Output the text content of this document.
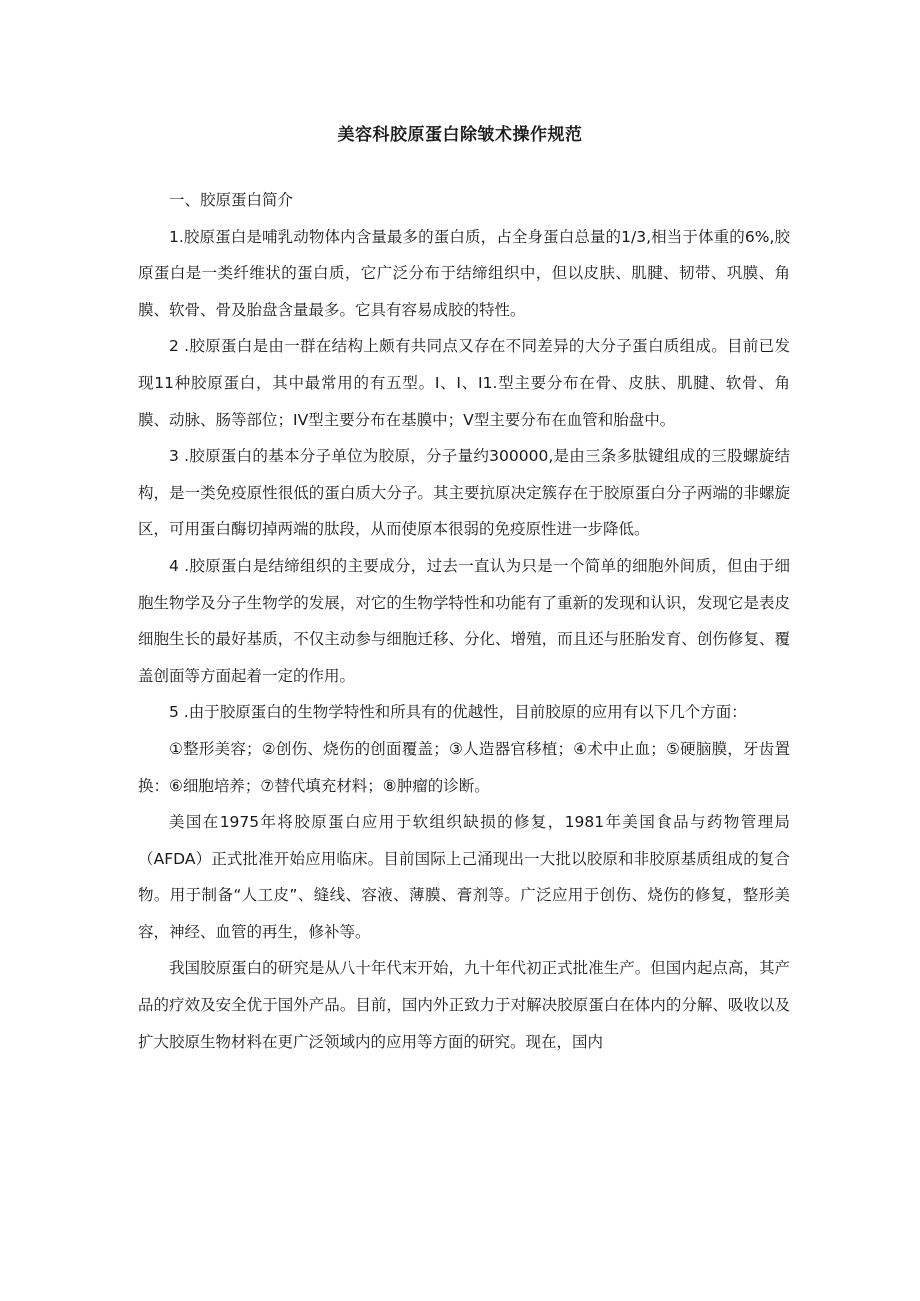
美容科胶原蛋白除皱术操作规范

一、胶原蛋白简介

1.胶原蛋白是哺乳动物体内含量最多的蛋白质，占全身蛋白总量的1/3,相当于体重的6%,胶原蛋白是一类纤维状的蛋白质，它广泛分布于结缔组织中，但以皮肤、肌腱、韧带、巩膜、角膜、软骨、骨及胎盘含量最多。它具有容易成胶的特性。

2 .胶原蛋白是由一群在结构上颇有共同点又存在不同差异的大分子蛋白质组成。目前已发现11种胶原蛋白，其中最常用的有五型。I、I、I1.型主要分布在骨、皮肤、肌腱、软骨、角膜、动脉、肠等部位；IV型主要分布在基膜中；V型主要分布在血管和胎盘中。

3 .胶原蛋白的基本分子单位为胶原，分子量约300000,是由三条多肽键组成的三股螺旋结构，是一类免疫原性很低的蛋白质大分子。其主要抗原决定簇存在于胶原蛋白分子两端的非螺旋区，可用蛋白酶切掉两端的肽段，从而使原本很弱的免疫原性进一步降低。

4 .胶原蛋白是结缔组织的主要成分，过去一直认为只是一个简单的细胞外间质，但由于细胞生物学及分子生物学的发展，对它的生物学特性和功能有了重新的发现和认识，发现它是表皮细胞生长的最好基质，不仅主动参与细胞迁移、分化、增殖，而且还与胚胎发育、创伤修复、覆盖创面等方面起着一定的作用。

5 .由于胶原蛋白的生物学特性和所具有的优越性，目前胶原的应用有以下几个方面：

①整形美容；②创伤、烧伤的创面覆盖；③人造器官移植；④术中止血；⑤硬脑膜，牙齿置换：⑥细胞培养；⑦替代填充材料；⑧肿瘤的诊断。

美国在1975年将胶原蛋白应用于软组织缺损的修复，1981年美国食品与药物管理局（AFDA）正式批准开始应用临床。目前国际上己涌现出一大批以胶原和非胶原基质组成的复合物。用于制备“人工皮”、缝线、容液、薄膜、膏剂等。广泛应用于创伤、烧伤的修复，整形美容，神经、血管的再生，修补等。

我国胶原蛋白的研究是从八十年代末开始，九十年代初正式批准生产。但国内起点高，其产品的疗效及安全优于国外产品。目前，国内外正致力于对解决胶原蛋白在体内的分解、吸收以及扩大胶原生物材料在更广泛领域内的应用等方面的研究。现在，国内
